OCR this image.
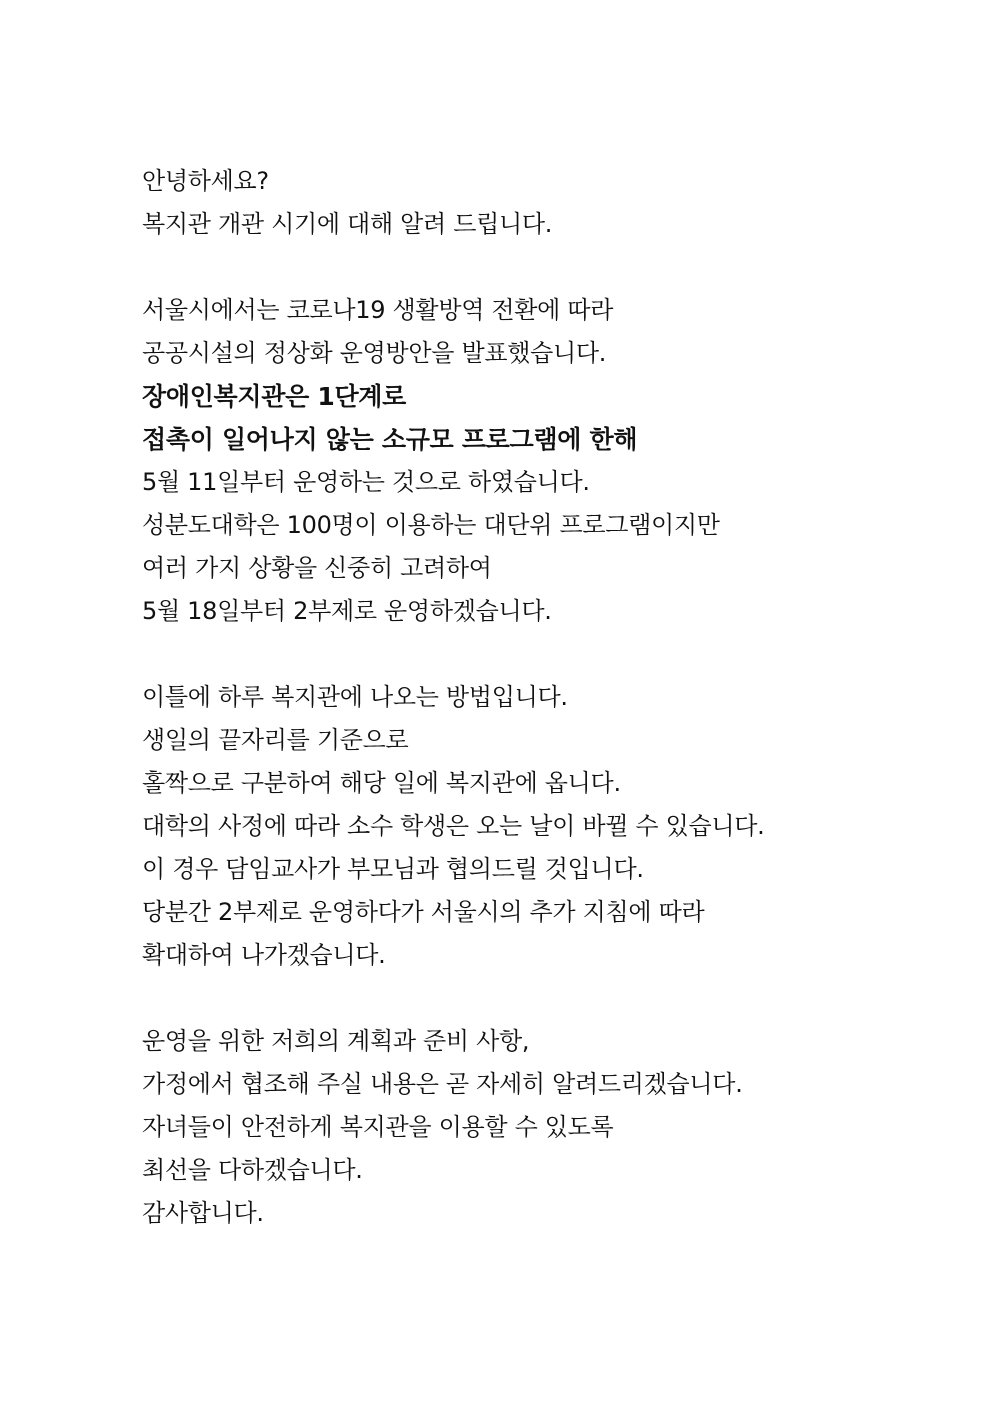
안녕하세요?
복지관 개관 시기에 대해 알려 드립니다.
서울시에서는 코로나19 생활방역 전환에 따라
공공시설의 정상화 운영방안을 발표했습니다.
장애인복지관은 1단계로
접촉이 일어나지 않는 소규모 프로그램에 한해
5월 11일부터 운영하는 것으로 하였습니다.
성분도대학은 100명이 이용하는 대단위 프로그램이지만
여러 가지 상황을 신중히 고려하여
5월 18일부터 2부제로 운영하겠습니다.
이틀에 하루 복지관에 나오는 방법입니다.
생일의 끝자리를 기준으로
홀짝으로 구분하여 해당 일에 복지관에 옵니다.
대학의 사정에 따라 소수 학생은 오는 날이 바뀔 수 있습니다.
이 경우 담임교사가 부모님과 협의드릴 것입니다.
당분간 2부제로 운영하다가 서울시의 추가 지침에 따라
확대하여 나가겠습니다.
운영을 위한 저희의 계획과 준비 사항,
가정에서 협조해 주실 내용은 곧 자세히 알려드리겠습니다.
자녀들이 안전하게 복지관을 이용할 수 있도록
최선을 다하겠습니다.
감사합니다.
